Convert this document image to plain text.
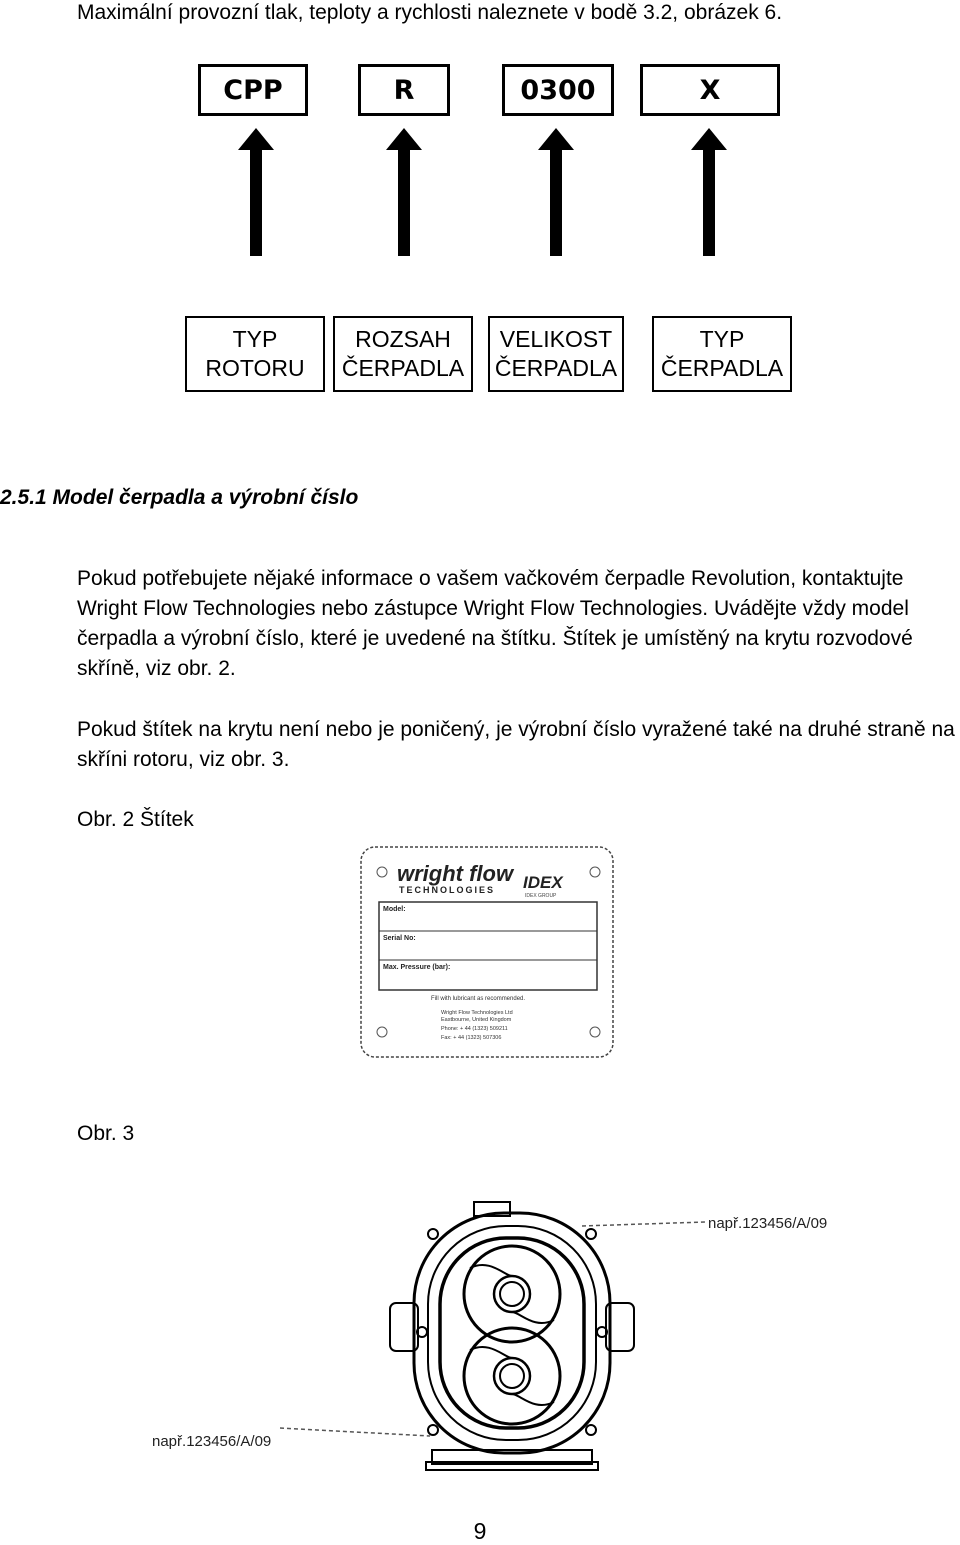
Maximální provozní tlak, teploty a rychlosti naleznete v bodě 3.2, obrázek 6.
CPP	R	0300	X
TYP
ROTORU
ROZSAH
ČERPADLA
VELIKOST
ČERPADLA
TYP
ČERPADLA
2.5.1 Model čerpadla a výrobní číslo

Pokud potřebujete nějaké informace o vašem vačkovém čerpadle Revolution, kontaktujte Wright Flow Technologies nebo zástupce Wright Flow Technologies. Uvádějte vždy model čerpadla a výrobní číslo, které je uvedené na štítku. Štítek je umístěný na krytu rozvodové skříně, viz obr. 2.

Pokud štítek na krytu není nebo je poničený, je výrobní číslo vyražené také na druhé straně na skříni rotoru, viz obr. 3.

Obr. 2 Štítek
wright flow
TECHNOLOGIES IDEX
IDEX GROUP
Model:
Serial No:
Max. Pressure (bar):
Fill with lubricant as recommended.
Wright Flow Technologies Ltd
Eastbourne, United Kingdom
Phone: + 44 (1323) 509211
Fax: + 44 (1323) 507306
Obr. 3
např.123456/A/09
např.123456/A/09
9
